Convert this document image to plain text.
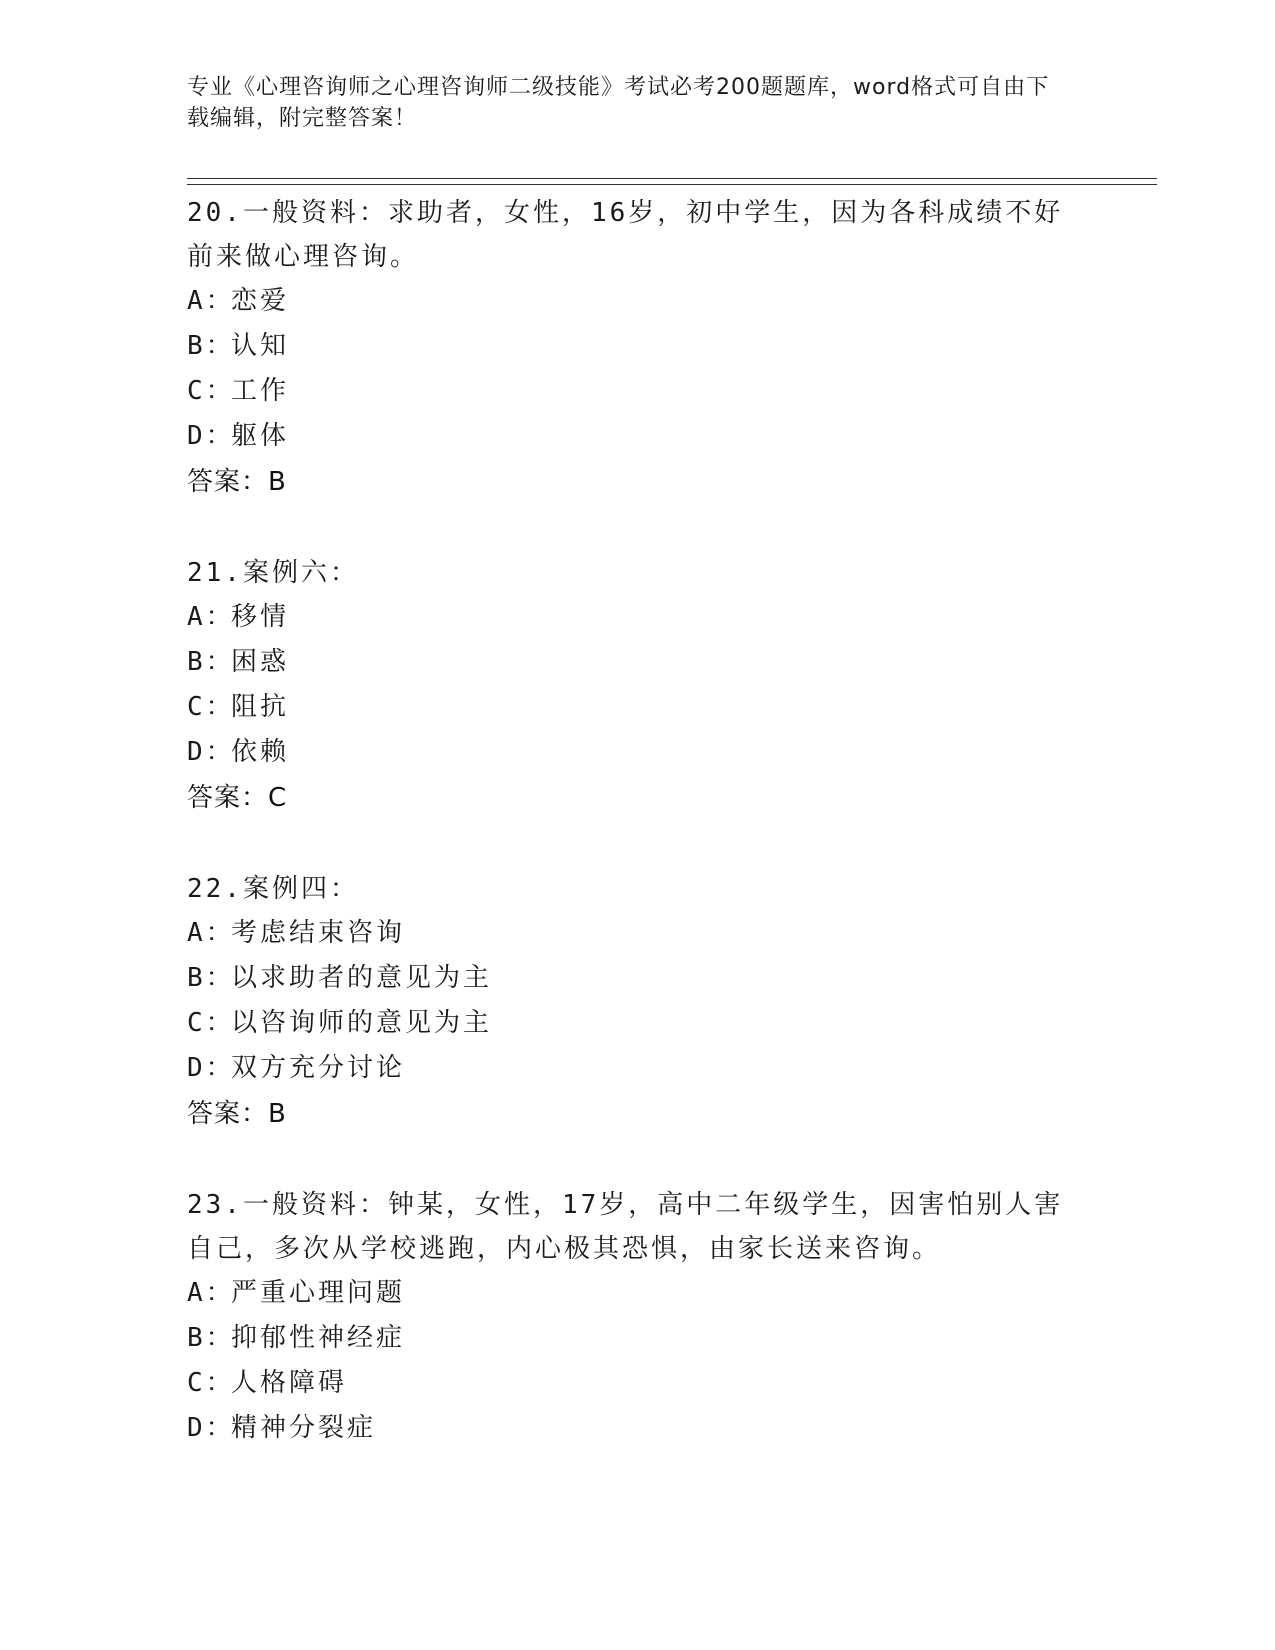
专业《心理咨询师之心理咨询师二级技能》考试必考200题题库，word格式可自由下载编辑，附完整答案！

20.一般资料：求助者，女性，16岁，初中学生，因为各科成绩不好前来做心理咨询。

A：恋爱

B：认知

C：工作

D：躯体

答案：B

21.案例六：

A：移情

B：困惑

C：阻抗

D：依赖

答案：C

22.案例四：

A：考虑结束咨询

B：以求助者的意见为主

C：以咨询师的意见为主

D：双方充分讨论

答案：B

23.一般资料：钟某，女性，17岁，高中二年级学生，因害怕别人害自己，多次从学校逃跑，内心极其恐惧，由家长送来咨询。

A：严重心理问题

B：抑郁性神经症

C：人格障碍

D：精神分裂症
